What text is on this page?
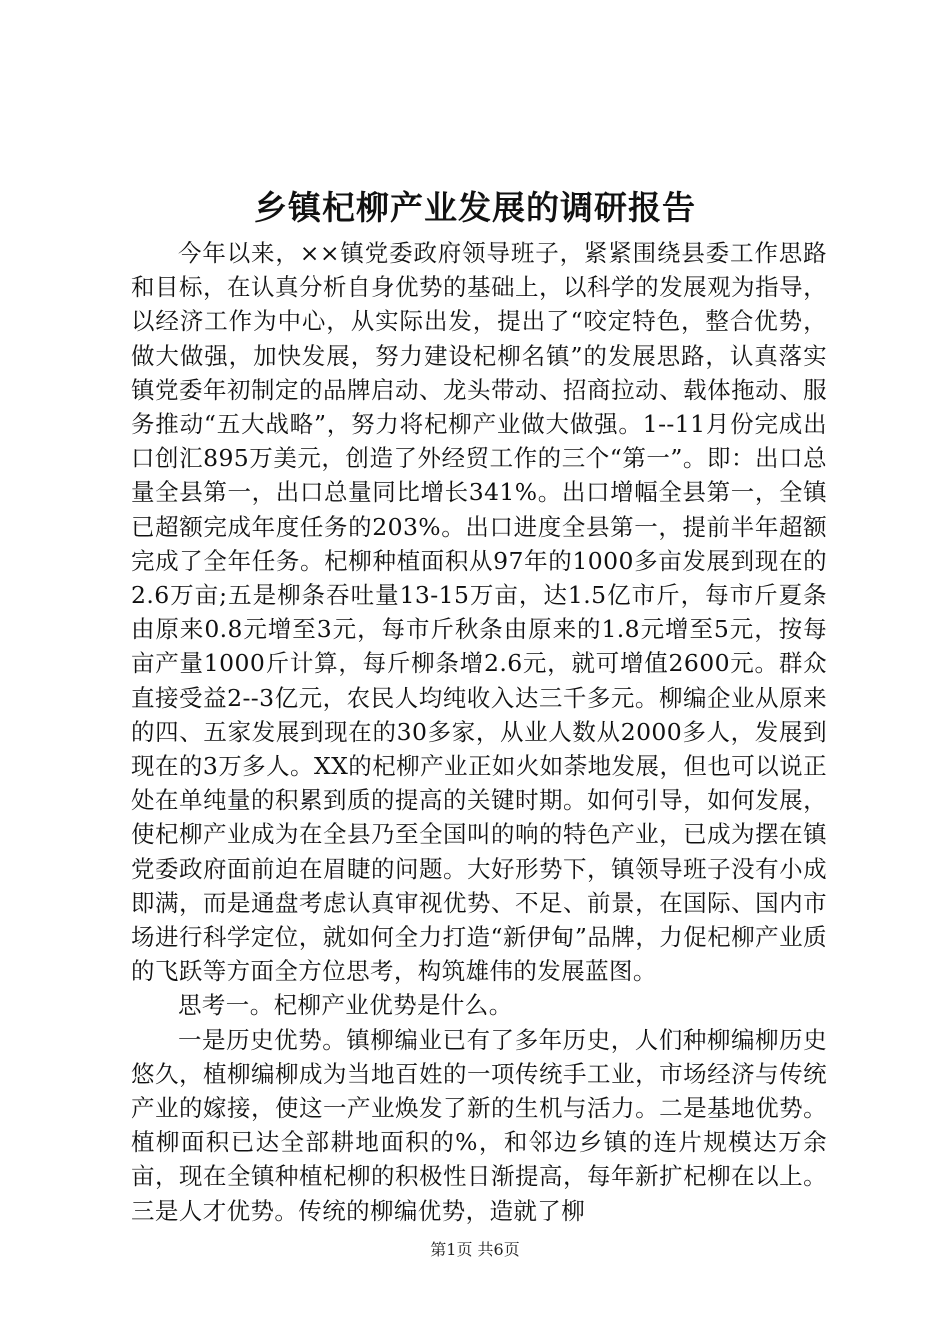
乡镇杞柳产业发展的调研报告

今年以来，××镇党委政府领导班子，紧紧围绕县委工作思路和目标，在认真分析自身优势的基础上，以科学的发展观为指导，以经济工作为中心，从实际出发，提出了“咬定特色，整合优势，做大做强，加快发展，努力建设杞柳名镇”的发展思路，认真落实镇党委年初制定的品牌启动、龙头带动、招商拉动、载体拖动、服务推动“五大战略”，努力将杞柳产业做大做强。1--11月份完成出口创汇895万美元，创造了外经贸工作的三个“第一”。即：出口总量全县第一，出口总量同比增长341%。出口增幅全县第一，全镇已超额完成年度任务的203%。出口进度全县第一，提前半年超额完成了全年任务。杞柳种植面积从97年的1000多亩发展到现在的2.6万亩;五是柳条吞吐量13-15万亩，达1.5亿市斤，每市斤夏条由原来0.8元增至3元，每市斤秋条由原来的1.8元增至5元，按每亩产量1000斤计算，每斤柳条增2.6元，就可增值2600元。群众直接受益2--3亿元，农民人均纯收入达三千多元。柳编企业从原来的四、五家发展到现在的30多家，从业人数从2000多人，发展到现在的3万多人。XX的杞柳产业正如火如荼地发展，但也可以说正处在单纯量的积累到质的提高的关键时期。如何引导，如何发展，使杞柳产业成为在全县乃至全国叫的响的特色产业，已成为摆在镇党委政府面前迫在眉睫的问题。大好形势下，镇领导班子没有小成即满，而是通盘考虑认真审视优势、不足、前景，在国际、国内市场进行科学定位，就如何全力打造“新伊甸”品牌，力促杞柳产业质的飞跃等方面全方位思考，构筑雄伟的发展蓝图。

思考一。杞柳产业优势是什么。

一是历史优势。镇柳编业已有了多年历史，人们种柳编柳历史悠久，植柳编柳成为当地百姓的一项传统手工业，市场经济与传统产业的嫁接，使这一产业焕发了新的生机与活力。二是基地优势。植柳面积已达全部耕地面积的%，和邻边乡镇的连片规模达万余亩，现在全镇种植杞柳的积极性日渐提高，每年新扩杞柳在以上。三是人才优势。传统的柳编优势，造就了柳

第1页 共6页
